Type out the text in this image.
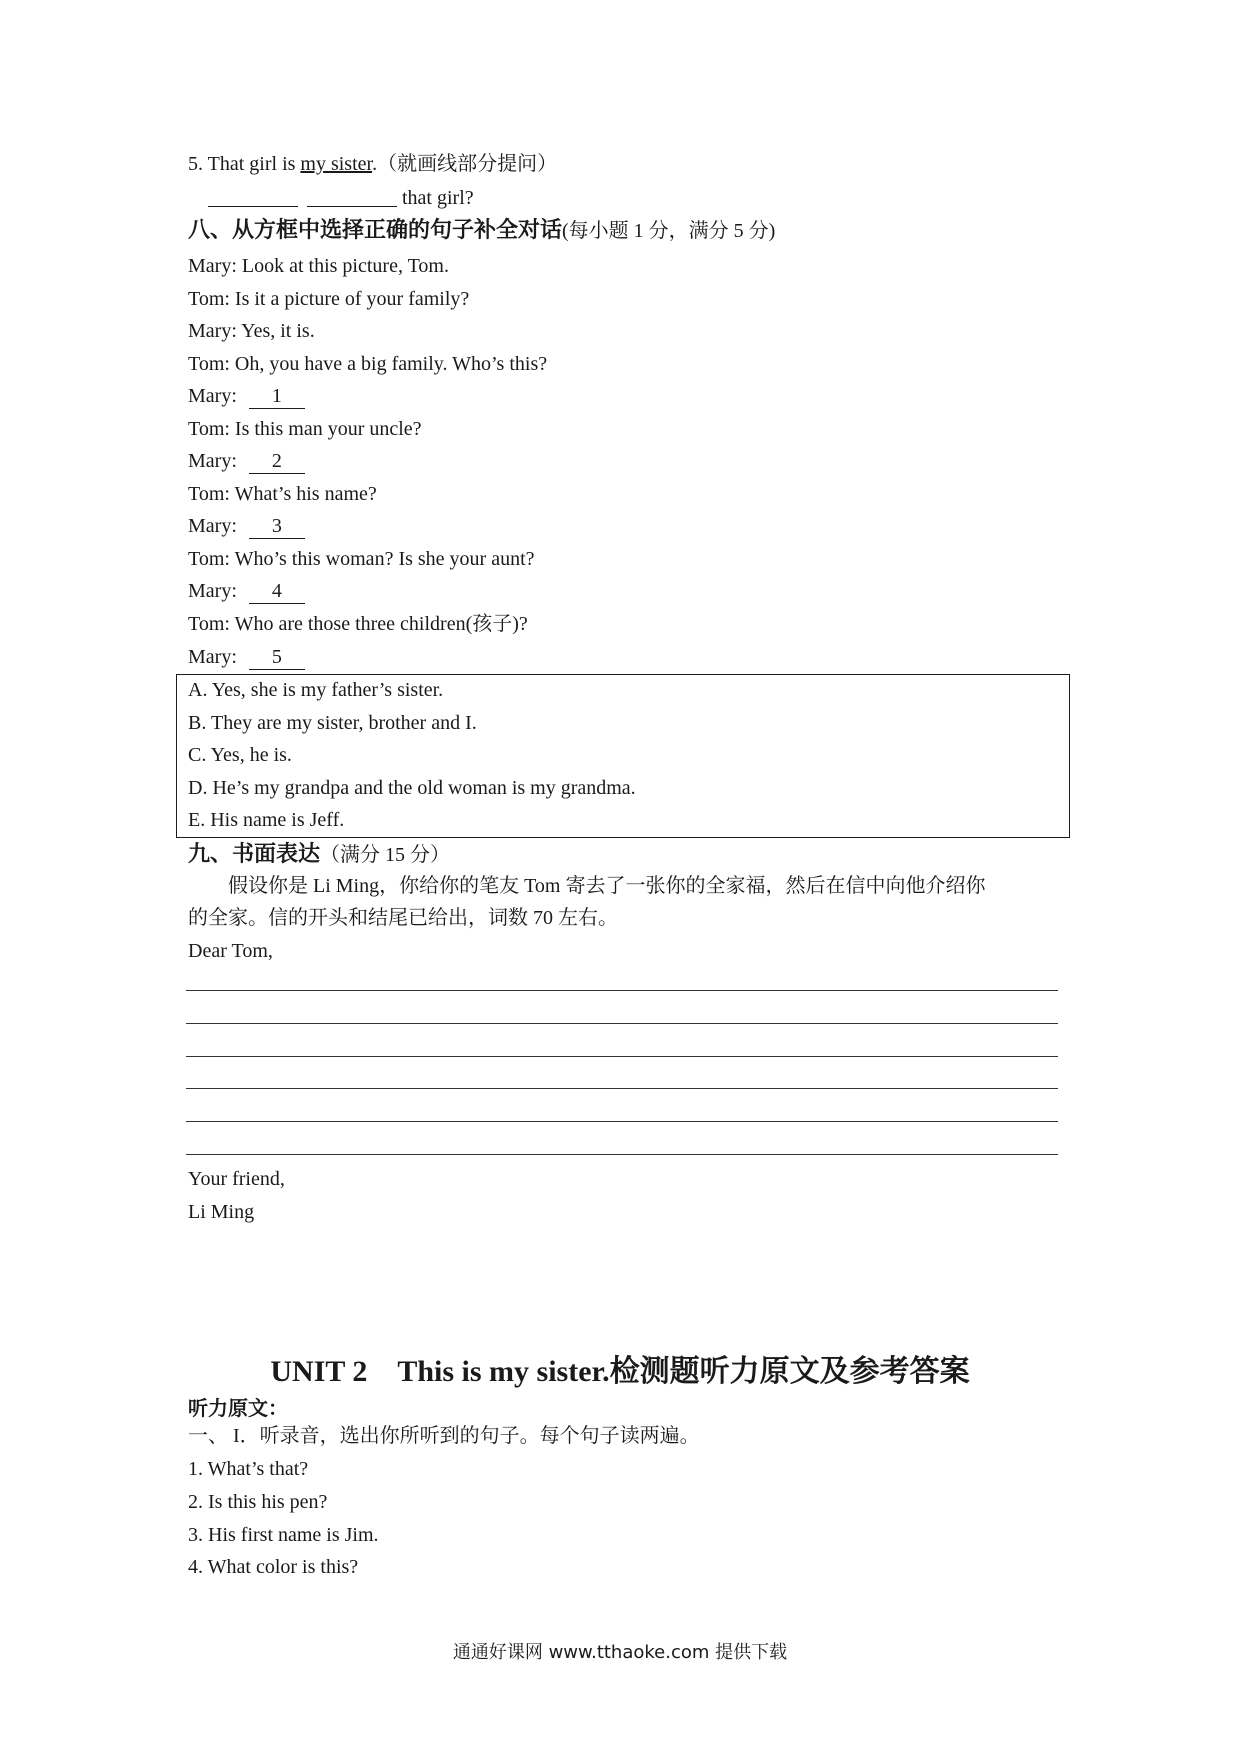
5. That girl is my sister.（就画线部分提问）
that girl?
八、从方框中选择正确的句子补全对话(每小题 1 分，满分 5 分)
Mary: Look at this picture, Tom.
Tom: Is it a picture of your family?
Mary: Yes, it is.
Tom: Oh, you have a big family. Who’s this?
Mary: 1
Tom: Is this man your uncle?
Mary: 2
Tom: What’s his name?
Mary: 3
Tom: Who’s this woman? Is she your aunt?
Mary: 4
Tom: Who are those three children(孩子)?
Mary: 5
A. Yes, she is my father’s sister.
B. They are my sister, brother and I.
C. Yes, he is.
D. He’s my grandpa and the old woman is my grandma.
E. His name is Jeff.
九、书面表达（满分 15 分）
假设你是 Li Ming，你给你的笔友 Tom 寄去了一张你的全家福，然后在信中向他介绍你
的全家。信的开头和结尾已给出，词数 70 左右。
Dear Tom,
Your friend,
Li Ming
UNIT 2　This is my sister.检测题听力原文及参考答案
听力原文：
一、 I．听录音，选出你所听到的句子。每个句子读两遍。
1. What’s that?
2. Is this his pen?
3. His first name is Jim.
4. What color is this?
通通好课网 www.tthaoke.com 提供下载
